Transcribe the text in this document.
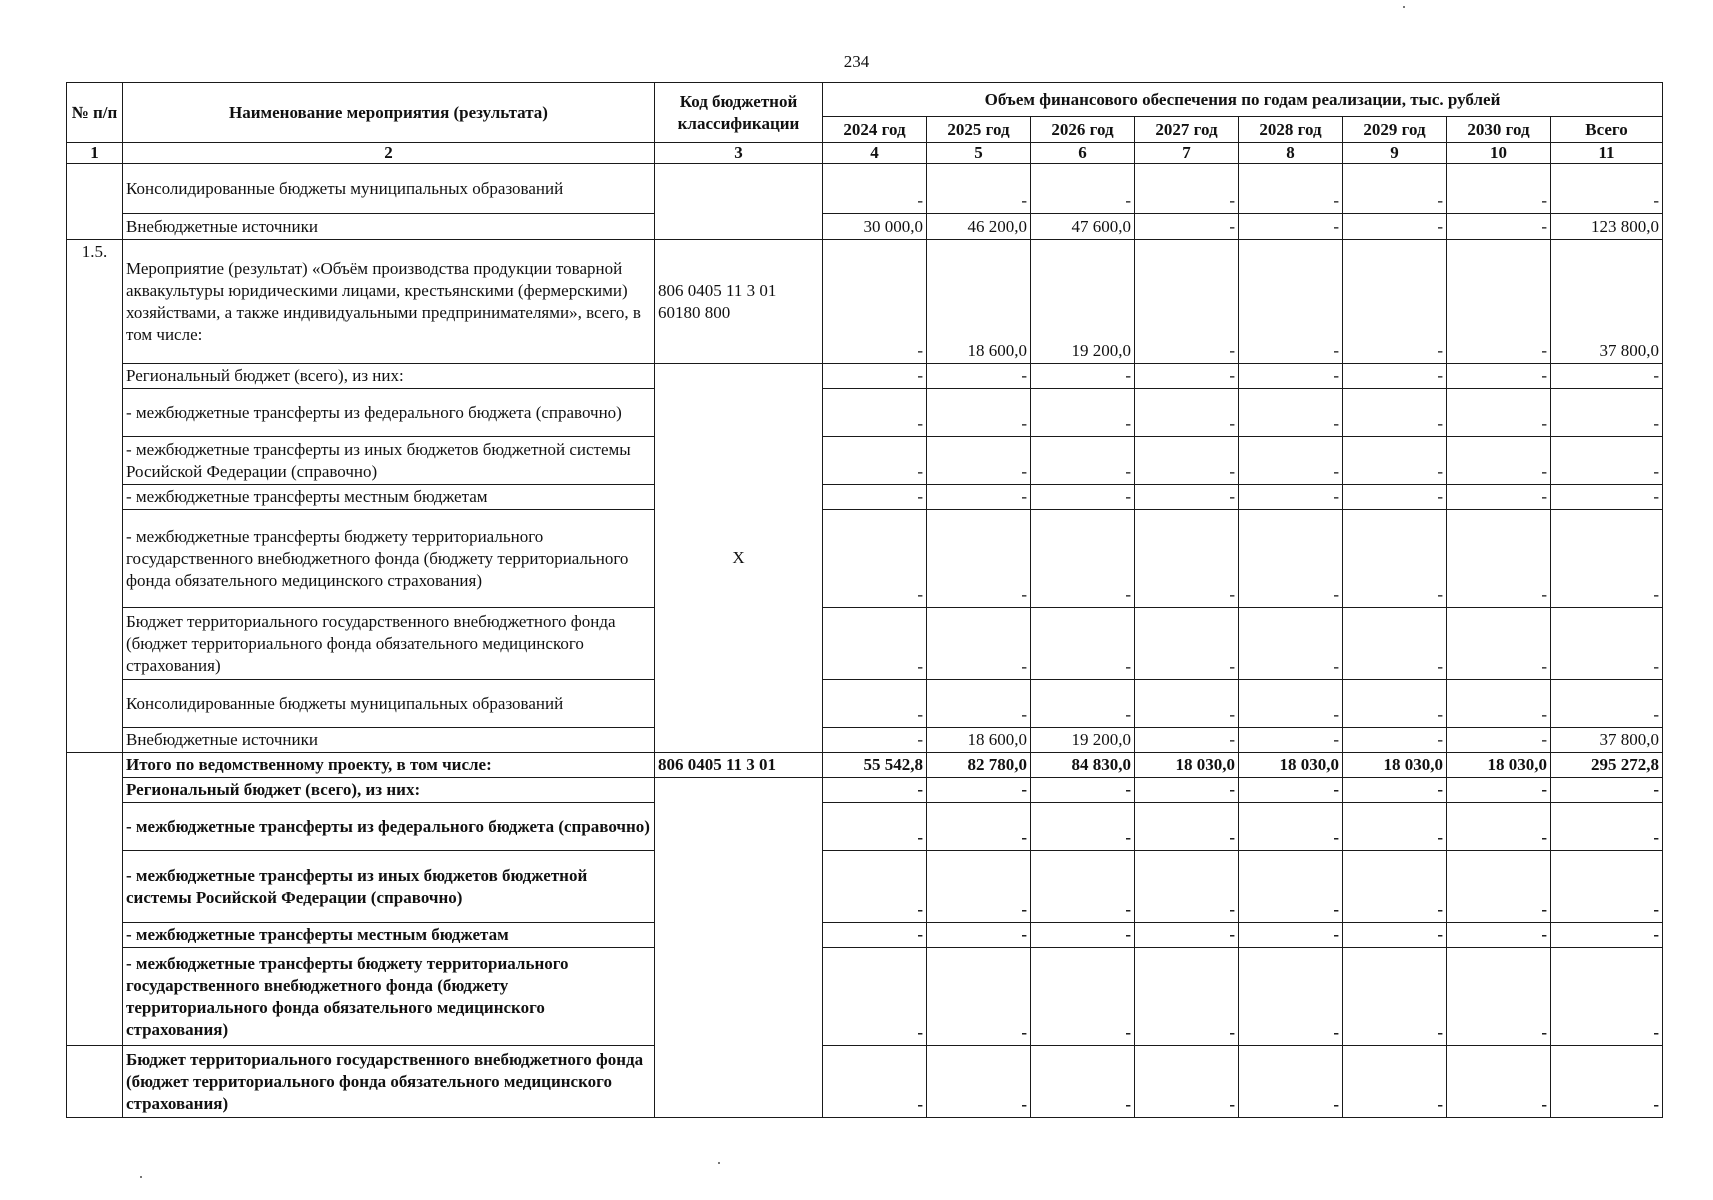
234
№ п/п	Наименование мероприятия (результата)	Код бюджетной классификации	Объем финансового обеспечения по годам реализации, тыс. рублей							
			2024 год	2025 год	2026 год	2027 год	2028 год	2029 год	2030 год	Всего
1	2	3	4	5	6	7	8	9	10	11
	Консолидированные бюджеты муниципальных образований		-	-	-	-	-	-	-	-
	Внебюджетные источники		30 000,0	46 200,0	47 600,0	-	-	-	-	123 800,0
1.5.	Мероприятие (результат) «Объём производства продукции товарной аквакультуры юридическими лицами, крестьянскими (фермерскими) хозяйствами, а также индивидуальными предпринимателями», всего, в том числе:	806 0405 11 3 01 60180 800	-	18 600,0	19 200,0	-	-	-	-	37 800,0
	Региональный бюджет (всего), из них:	Х	-	-	-	-	-	-	-	-
	- межбюджетные трансферты из федерального бюджета (справочно)		-	-	-	-	-	-	-	-
	- межбюджетные трансферты из иных бюджетов бюджетной системы Росийской Федерации (справочно)		-	-	-	-	-	-	-	-
	- межбюджетные трансферты местным бюджетам		-	-	-	-	-	-	-	-
	- межбюджетные трансферты бюджету территориального государственного внебюджетного фонда (бюджету территориального фонда обязательного медицинского страхования)		-	-	-	-	-	-	-	-
	Бюджет территориального государственного внебюджетного фонда (бюджет территориального фонда обязательного медицинского страхования)		-	-	-	-	-	-	-	-
	Консолидированные бюджеты муниципальных образований		-	-	-	-	-	-	-	-
	Внебюджетные источники		-	18 600,0	19 200,0	-	-	-	-	37 800,0
	Итого по ведомственному проекту, в том числе:	806 0405 11 3 01	55 542,8	82 780,0	84 830,0	18 030,0	18 030,0	18 030,0	18 030,0	295 272,8
	Региональный бюджет (всего), из них:		-	-	-	-	-	-	-	-
	- межбюджетные трансферты из федерального бюджета (справочно)		-	-	-	-	-	-	-	-
	- межбюджетные трансферты из иных бюджетов бюджетной системы Росийской Федерации (справочно)		-	-	-	-	-	-	-	-
	- межбюджетные трансферты местным бюджетам		-	-	-	-	-	-	-	-
	- межбюджетные трансферты бюджету территориального государственного внебюджетного фонда (бюджету территориального фонда обязательного медицинского страхования)		-	-	-	-	-	-	-	-
	Бюджет территориального государственного внебюджетного фонда (бюджет территориального фонда обязательного медицинского страхования)		-	-	-	-	-	-	-	-
